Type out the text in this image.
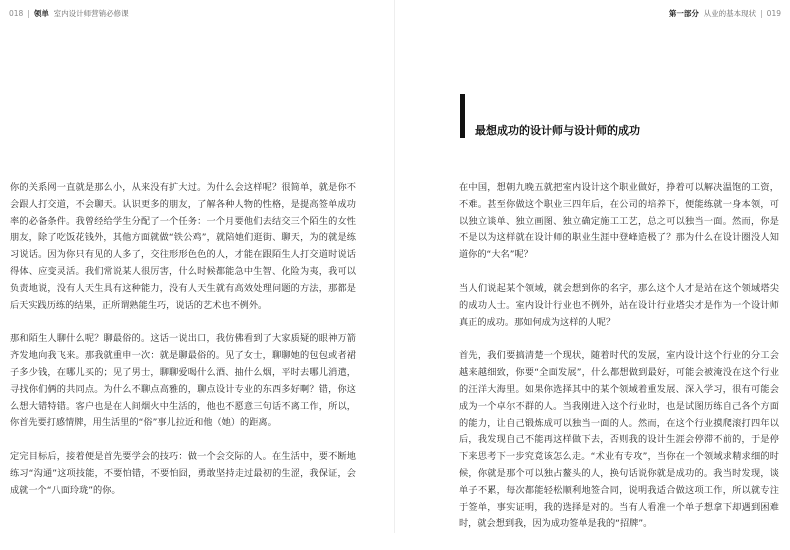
018 | 领单 室内设计师营销必修课	第一部分 从业的基本现状 | 019
最想成功的设计师与设计师的成功

你的关系网一直就是那么小，从来没有扩大过。为什么会这样呢？很简单，就是你不会跟人打交道，不会聊天。认识更多的朋友，了解各种人物的性格，是提高签单成功率的必备条件。我曾经给学生分配了一个任务：一个月要他们去结交三个陌生的女性朋友，除了吃饭花钱外，其他方面就做“铁公鸡”，就陪她们逛街、聊天，为的就是练习说话。因为你只有见的人多了，交往形形色色的人，才能在跟陌生人打交道时说话得体、应变灵活。我们常说某人很厉害，什么时候都能急中生智、化险为夷，我可以负责地说，没有人天生具有这种能力，没有人天生就有高效处理问题的方法，那都是后天实践历练的结果，正所谓熟能生巧，说话的艺术也不例外。

那和陌生人聊什么呢？聊最俗的。这话一说出口，我仿佛看到了大家质疑的眼神万箭齐发地向我飞来。那我就重申一次：就是聊最俗的。见了女士，聊聊她的包包或者裙子多少钱，在哪儿买的；见了男士，聊聊爱喝什么酒、抽什么烟，平时去哪儿消遣，寻找你们俩的共同点。为什么不聊点高雅的，聊点设计专业的东西多好啊？错，你这么想大错特错。客户也是在人间烟火中生活的，他也不愿意三句话不离工作，所以，你首先要打感情牌，用生活里的“俗”事儿拉近和他（她）的距离。

定完目标后，接着便是首先要学会的技巧：做一个会交际的人。在生活中，要不断地练习“沟通”这项技能，不要怕错，不要怕囧，勇敢坚持走过最初的生涩，我保证，会成就一个“八面玲珑”的你。

在中国，想朝九晚五就把室内设计这个职业做好，挣着可以解决温饱的工资，不难。甚至你做这个职业三四年后，在公司的培养下，便能练就一身本领，可以独立谈单、独立画图、独立确定施工工艺，总之可以独当一面。然而，你是不是以为这样就在设计师的职业生涯中登峰造极了？那为什么在设计圈没人知道你的“大名”呢？

当人们说起某个领域，就会想到你的名字，那么这个人才是站在这个领域塔尖的成功人士。室内设计行业也不例外，站在设计行业塔尖才是作为一个设计师真正的成功。那如何成为这样的人呢？

首先，我们要搞清楚一个现状，随着时代的发展，室内设计这个行业的分工会越来越细致，你要“全面发展”，什么都想做到最好，可能会被淹没在这个行业的汪洋大海里。如果你选择其中的某个领域着重发展、深入学习，很有可能会成为一个卓尔不群的人。当我刚进入这个行业时，也是试图历练自己各个方面的能力，让自己锻炼成可以独当一面的人。然而，在这个行业摸爬滚打四年以后，我发现自己不能再这样做下去，否则我的设计生涯会停滞不前的，于是停下来思考下一步究竟该怎么走。“术业有专攻”，当你在一个领域求精求细的时候，你就是那个可以独占鳌头的人，换句话说你就是成功的。我当时发现，谈单子不累，每次都能轻松顺利地签合同，说明我适合做这项工作，所以就专注于签单，事实证明，我的选择是对的。当有人看准一个单子想拿下却遇到困难时，就会想到我，因为成功签单是我的“招牌”。
